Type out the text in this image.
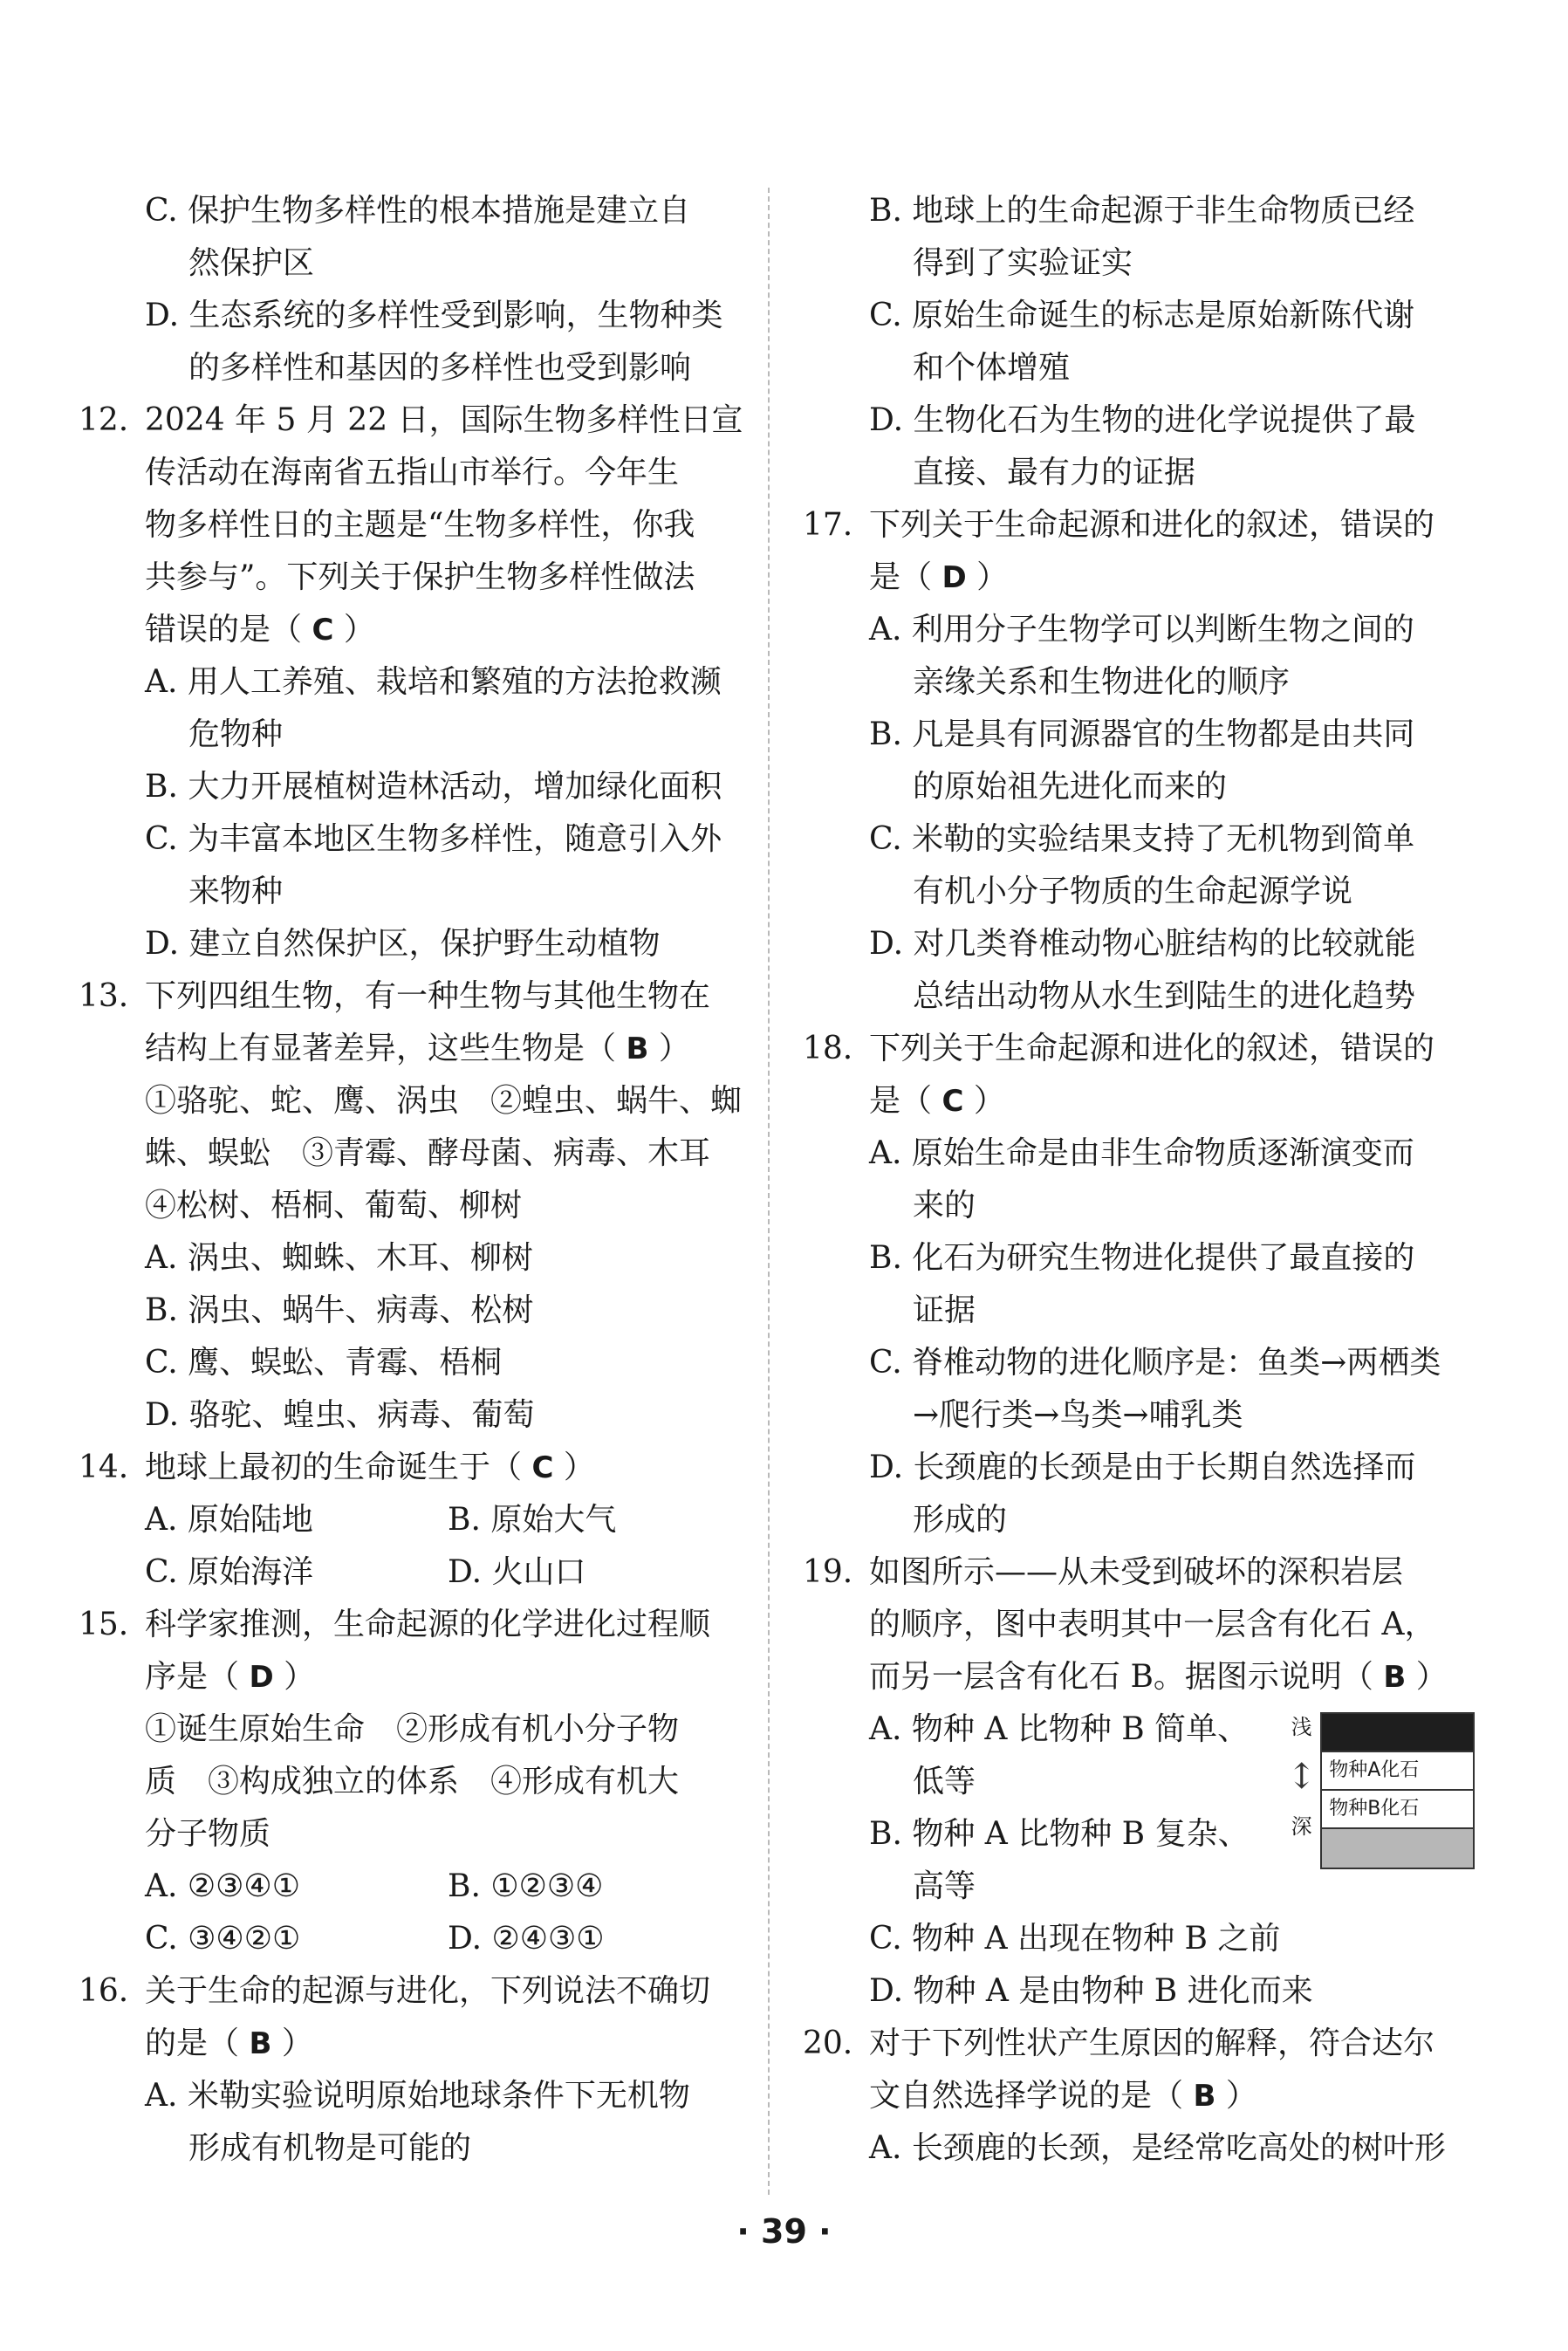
C. 保护生物多样性的根本措施是建立自
然保护区
D. 生态系统的多样性受到影响，生物种类
的多样性和基因的多样性也受到影响
12. 2024 年 5 月 22 日，国际生物多样性日宣
传活动在海南省五指山市举行。今年生
物多样性日的主题是“生物多样性，你我
共参与”。下列关于保护生物多样性做法
错误的是（ C ）
A. 用人工养殖、栽培和繁殖的方法抢救濒
危物种
B. 大力开展植树造林活动，增加绿化面积
C. 为丰富本地区生物多样性，随意引入外
来物种
D. 建立自然保护区，保护野生动植物
13. 下列四组生物，有一种生物与其他生物在
结构上有显著差异，这些生物是（ B ）
①骆驼、蛇、鹰、涡虫　②蝗虫、蜗牛、蜘
蛛、蜈蚣　③青霉、酵母菌、病毒、木耳
④松树、梧桐、葡萄、柳树
A. 涡虫、蜘蛛、木耳、柳树
B. 涡虫、蜗牛、病毒、松树
C. 鹰、蜈蚣、青霉、梧桐
D. 骆驼、蝗虫、病毒、葡萄
14. 地球上最初的生命诞生于（ C ）
A. 原始陆地	B. 原始大气
C. 原始海洋	D. 火山口
15. 科学家推测，生命起源的化学进化过程顺
序是（ D ）
①诞生原始生命　②形成有机小分子物
质　③构成独立的体系　④形成有机大
分子物质
A. ②③④①	B. ①②③④
C. ③④②①	D. ②④③①
16. 关于生命的起源与进化，下列说法不确切
的是（ B ）
A. 米勒实验说明原始地球条件下无机物
形成有机物是可能的
B. 地球上的生命起源于非生命物质已经
得到了实验证实
C. 原始生命诞生的标志是原始新陈代谢
和个体增殖
D. 生物化石为生物的进化学说提供了最
直接、最有力的证据
17. 下列关于生命起源和进化的叙述，错误的
是（ D ）
A. 利用分子生物学可以判断生物之间的
亲缘关系和生物进化的顺序
B. 凡是具有同源器官的生物都是由共同
的原始祖先进化而来的
C. 米勒的实验结果支持了无机物到简单
有机小分子物质的生命起源学说
D. 对几类脊椎动物心脏结构的比较就能
总结出动物从水生到陆生的进化趋势
18. 下列关于生命起源和进化的叙述，错误的
是（ C ）
A. 原始生命是由非生命物质逐渐演变而
来的
B. 化石为研究生物进化提供了最直接的
证据
C. 脊椎动物的进化顺序是：鱼类→两栖类
→爬行类→鸟类→哺乳类
D. 长颈鹿的长颈是由于长期自然选择而
形成的
19. 如图所示——从未受到破坏的深积岩层
的顺序，图中表明其中一层含有化石 A，
而另一层含有化石 B。据图示说明（ B ）
A. 物种 A 比物种 B 简单、
低等
B. 物种 A 比物种 B 复杂、
高等
浅
↕
深
物种A化石
物种B化石
C. 物种 A 出现在物种 B 之前
D. 物种 A 是由物种 B 进化而来
20. 对于下列性状产生原因的解释，符合达尔
文自然选择学说的是（ B ）
A. 长颈鹿的长颈，是经常吃高处的树叶形
· 39 ·
